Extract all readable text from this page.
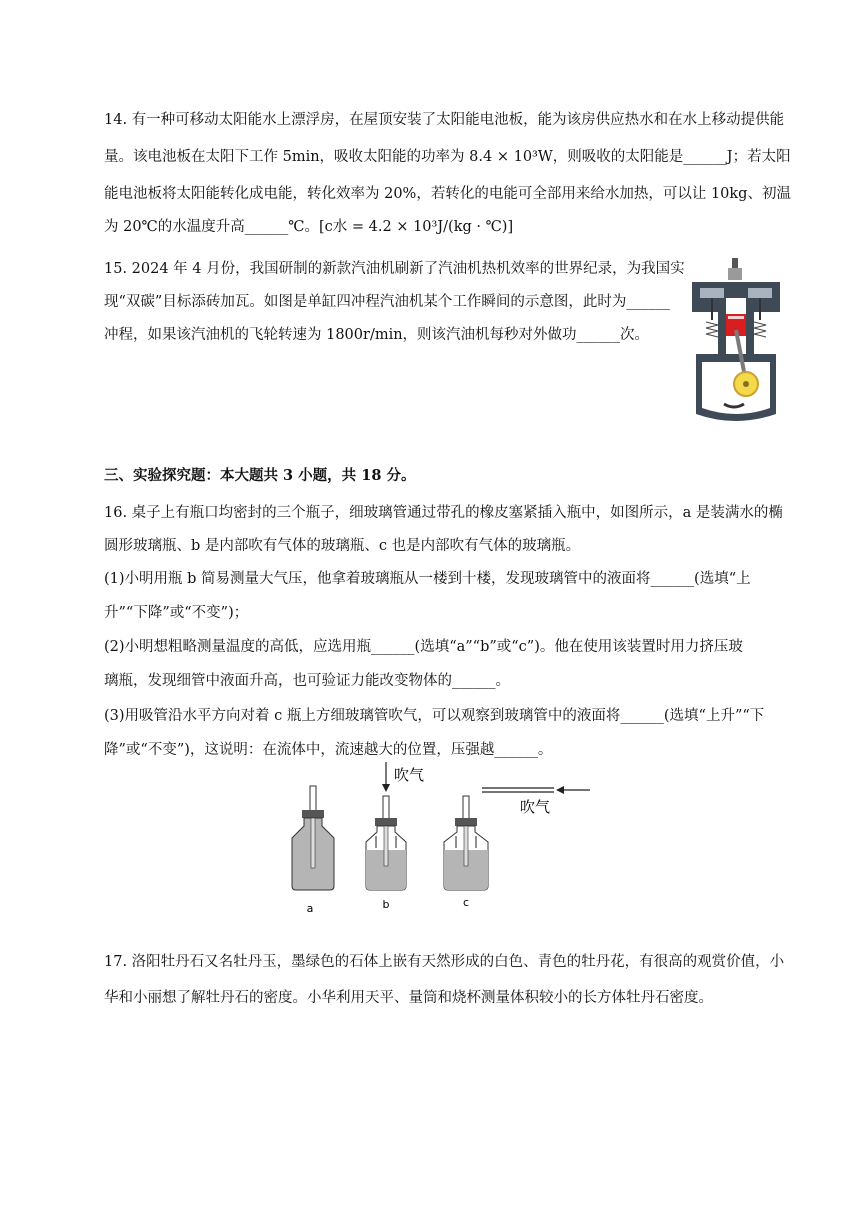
14. 有一种可移动太阳能水上漂浮房，在屋顶安装了太阳能电池板，能为该房供应热水和在水上移动提供能
量。该电池板在太阳下工作 5min，吸收太阳能的功率为 8.4 × 10³W，则吸收的太阳能是______J；若太阳
能电池板将太阳能转化成电能，转化效率为 20%，若转化的电能可全部用来给水加热，可以让 10kg、初温
为 20℃的水温度升高______℃。[c水 = 4.2 × 10³J/(kg · ℃)]
15. 2024 年 4 月份，我国研制的新款汽油机刷新了汽油机热机效率的世界纪录，为我国实
现“双碳”目标添砖加瓦。如图是单缸四冲程汽油机某个工作瞬间的示意图，此时为______
冲程，如果该汽油机的飞轮转速为 1800r/min，则该汽油机每秒对外做功______次。
三、实验探究题：本大题共 3 小题，共 18 分。
16. 桌子上有瓶口均密封的三个瓶子，细玻璃管通过带孔的橡皮塞紧插入瓶中，如图所示，a 是装满水的椭
圆形玻璃瓶、b 是内部吹有气体的玻璃瓶、c 也是内部吹有气体的玻璃瓶。
(1)小明用瓶 b 简易测量大气压，他拿着玻璃瓶从一楼到十楼，发现玻璃管中的液面将______(选填“上
升”“下降”或“不变”)；
(2)小明想粗略测量温度的高低，应选用瓶______(选填“a”“b”或“c”)。他在使用该装置时用力挤压玻
璃瓶，发现细管中液面升高，也可验证力能改变物体的______。
(3)用吸管沿水平方向对着 c 瓶上方细玻璃管吹气，可以观察到玻璃管中的液面将______(选填“上升”“下
降”或“不变”)，这说明：在流体中，流速越大的位置，压强越______。
a
吹气
b
吹气
c
17. 洛阳牡丹石又名牡丹玉，墨绿色的石体上嵌有天然形成的白色、青色的牡丹花，有很高的观赏价值，小
华和小丽想了解牡丹石的密度。小华利用天平、量筒和烧杯测量体积较小的长方体牡丹石密度。
